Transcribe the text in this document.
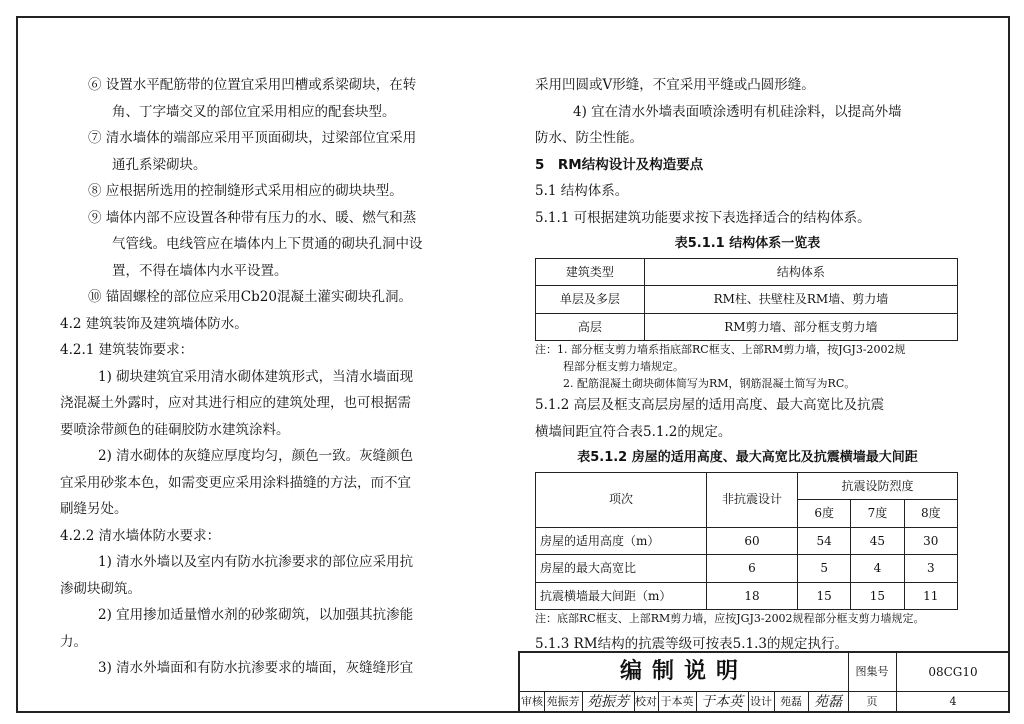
⑥ 设置水平配筋带的位置宜采用凹槽或系梁砌块，在转
角、丁字墙交叉的部位宜采用相应的配套块型。
⑦ 清水墙体的端部应采用平顶面砌块，过梁部位宜采用
通孔系梁砌块。
⑧ 应根据所选用的控制缝形式采用相应的砌块块型。
⑨ 墙体内部不应设置各种带有压力的水、暖、燃气和蒸
气管线。电线管应在墙体内上下贯通的砌块孔洞中设
置，不得在墙体内水平设置。
⑩ 锚固螺栓的部位应采用Cb20混凝土灌实砌块孔洞。
4.2 建筑装饰及建筑墙体防水。
4.2.1 建筑装饰要求：
1) 砌块建筑宜采用清水砌体建筑形式，当清水墙面现
浇混凝土外露时，应对其进行相应的建筑处理，也可根据需
要喷涂带颜色的硅硐胶防水建筑涂料。
2) 清水砌体的灰缝应厚度均匀，颜色一致。灰缝颜色
宜采用砂浆本色，如需变更应采用涂料描缝的方法，而不宜
刷缝另处。
4.2.2 清水墙体防水要求：
1) 清水外墙以及室内有防水抗渗要求的部位应采用抗
渗砌块砌筑。
2) 宜用掺加适量憎水剂的砂浆砌筑，以加强其抗渗能
力。
3) 清水外墙面和有防水抗渗要求的墙面，灰缝缝形宜
采用凹圆或V形缝，不宜采用平缝或凸圆形缝。
4) 宜在清水外墙表面喷涂透明有机硅涂料，以提高外墙
防水、防尘性能。
5　RM结构设计及构造要点
5.1 结构体系。
5.1.1 可根据建筑功能要求按下表选择适合的结构体系。
表5.1.1 结构体系一览表
建筑类型	结构体系
单层及多层	RM柱、扶壁柱及RM墙、剪力墙
高层	RM剪力墙、部分框支剪力墙
注：1. 部分框支剪力墙系指底部RC框支、上部RM剪力墙，按JGJ3-2002规
程部分框支剪力墙规定。
2. 配筋混凝土砌块砌体简写为RM，钢筋混凝土简写为RC。
5.1.2 高层及框支高层房屋的适用高度、最大高宽比及抗震
横墙间距宜符合表5.1.2的规定。
表5.1.2 房屋的适用高度、最大高宽比及抗震横墙最大间距
项次	非抗震设计	抗震设防烈度		
		6度	7度	8度
房屋的适用高度（m）	60	54	45	30
房屋的最大高宽比	6	5	4	3
抗震横墙最大间距（m）	18	15	15	11
注：底部RC框支、上部RM剪力墙，应按JGJ3-2002规程部分框支剪力墙规定。
5.1.3 RM结构的抗震等级可按表5.1.3的规定执行。
编制说明	图集号	08CG10
审核 苑振芳 苑振芳 校对 于本英 于本英 设计 苑磊 苑磊	页	4
